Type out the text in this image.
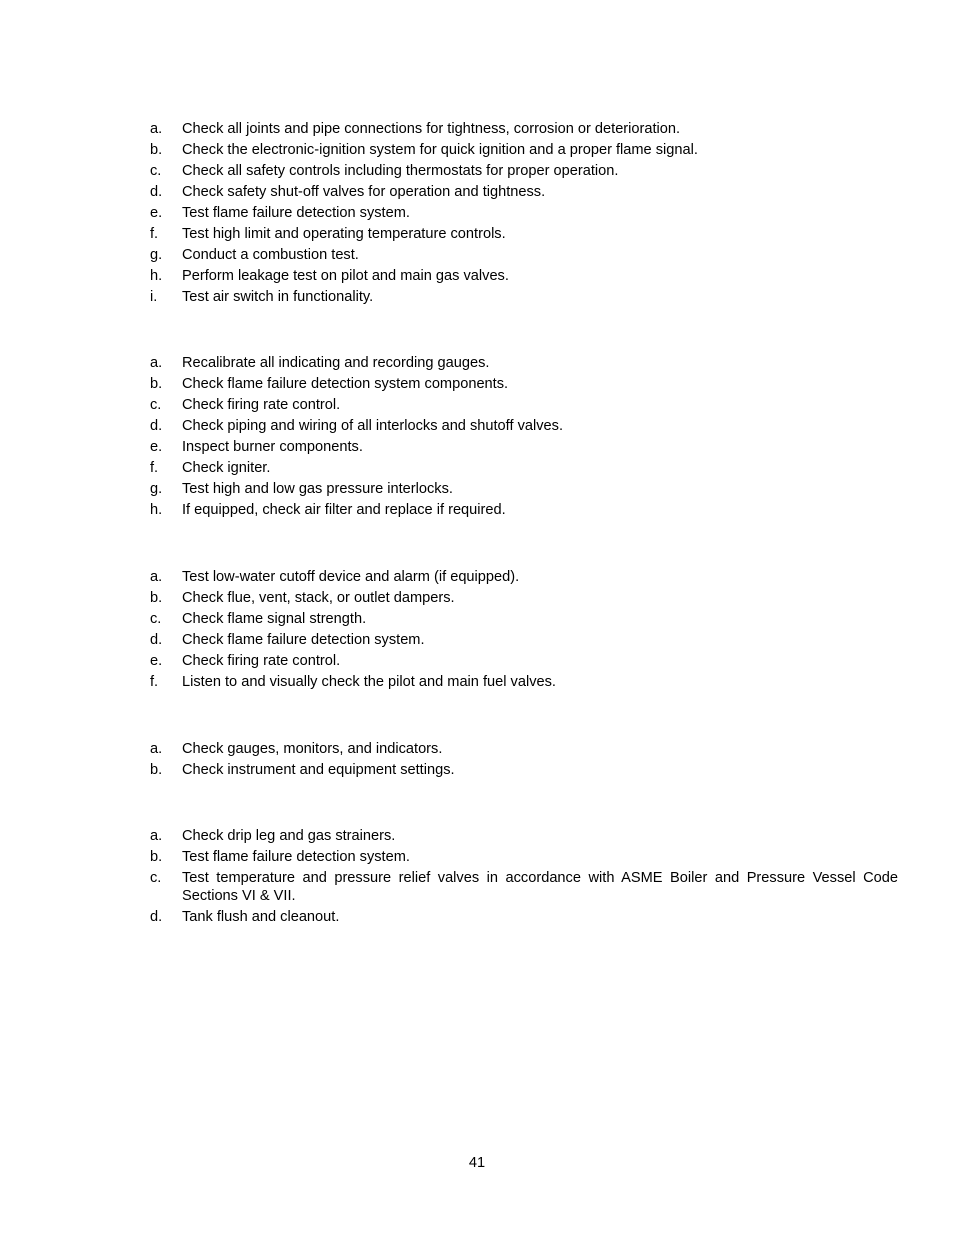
a.	Check all joints and pipe connections for tightness, corrosion or deterioration.
b.	Check the electronic-ignition system for quick ignition and a proper flame signal.
c.	Check all safety controls including thermostats for proper operation.
d.	Check safety shut-off valves for operation and tightness.
e.	Test flame failure detection system.
f.	Test high limit and operating temperature controls.
g.	Conduct a combustion test.
h.	Perform leakage test on pilot and main gas valves.
i.	Test air switch in functionality.
a.	Recalibrate all indicating and recording gauges.
b.	Check flame failure detection system components.
c.	Check firing rate control.
d.	Check piping and wiring of all interlocks and shutoff valves.
e.	Inspect burner components.
f.	Check igniter.
g.	Test high and low gas pressure interlocks.
h.	If equipped, check air filter and replace if required.
a.	Test low-water cutoff device and alarm (if equipped).
b.	Check flue, vent, stack, or outlet dampers.
c.	Check flame signal strength.
d.	Check flame failure detection system.
e.	Check firing rate control.
f.	Listen to and visually check the pilot and main fuel valves.
a.	Check gauges, monitors, and indicators.
b.	Check instrument and equipment settings.
a.	Check drip leg and gas strainers.
b.	Test flame failure detection system.
c.	Test temperature and pressure relief valves in accordance with ASME Boiler and Pressure Vessel Code Sections VI & VII.
d.	Tank flush and cleanout.
41
